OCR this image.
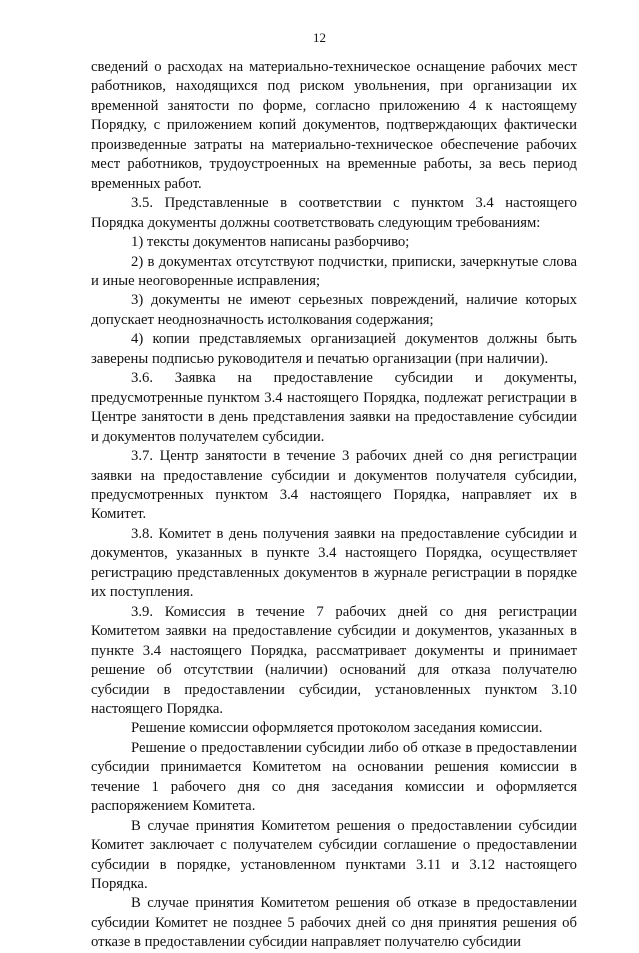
12

сведений о расходах на материально-техническое оснащение рабочих мест работников, находящихся под риском увольнения, при организации их временной занятости по форме, согласно приложению 4 к настоящему Порядку, с приложением копий документов, подтверждающих фактически произведенные затраты на материально-техническое обеспечение рабочих мест работников, трудоустроенных на временные работы, за весь период временных работ.

3.5. Представленные в соответствии с пунктом 3.4 настоящего Порядка документы должны соответствовать следующим требованиям:

1) тексты документов написаны разборчиво;

2) в документах отсутствуют подчистки, приписки, зачеркнутые слова и иные неоговоренные исправления;

3) документы не имеют серьезных повреждений, наличие которых допускает неоднозначность истолкования содержания;

4) копии представляемых организацией документов должны быть заверены подписью руководителя и печатью организации (при наличии).

3.6. Заявка на предоставление субсидии и документы, предусмотренные пунктом 3.4 настоящего Порядка, подлежат регистрации в Центре занятости в день представления заявки на предоставление субсидии и документов получателем субсидии.

3.7. Центр занятости в течение 3 рабочих дней со дня регистрации заявки на предоставление субсидии и документов получателя субсидии, предусмотренных пунктом 3.4 настоящего Порядка, направляет их в Комитет.

3.8. Комитет в день получения заявки на предоставление субсидии и документов, указанных в пункте 3.4 настоящего Порядка, осуществляет регистрацию представленных документов в журнале регистрации в порядке их поступления.

3.9. Комиссия в течение 7 рабочих дней со дня регистрации Комитетом заявки на предоставление субсидии и документов, указанных в пункте 3.4 настоящего Порядка, рассматривает документы и принимает решение об отсутствии (наличии) оснований для отказа получателю субсидии в предоставлении субсидии, установленных пунктом 3.10 настоящего Порядка.

Решение комиссии оформляется протоколом заседания комиссии.

Решение о предоставлении субсидии либо об отказе в предоставлении субсидии принимается Комитетом на основании решения комиссии в течение 1 рабочего дня со дня заседания комиссии и оформляется распоряжением Комитета.

В случае принятия Комитетом решения о предоставлении субсидии Комитет заключает с получателем субсидии соглашение о предоставлении субсидии в порядке, установленном пунктами 3.11 и 3.12 настоящего Порядка.

В случае принятия Комитетом решения об отказе в предоставлении субсидии Комитет не позднее 5 рабочих дней со дня принятия решения об отказе в предоставлении субсидии направляет получателю субсидии
